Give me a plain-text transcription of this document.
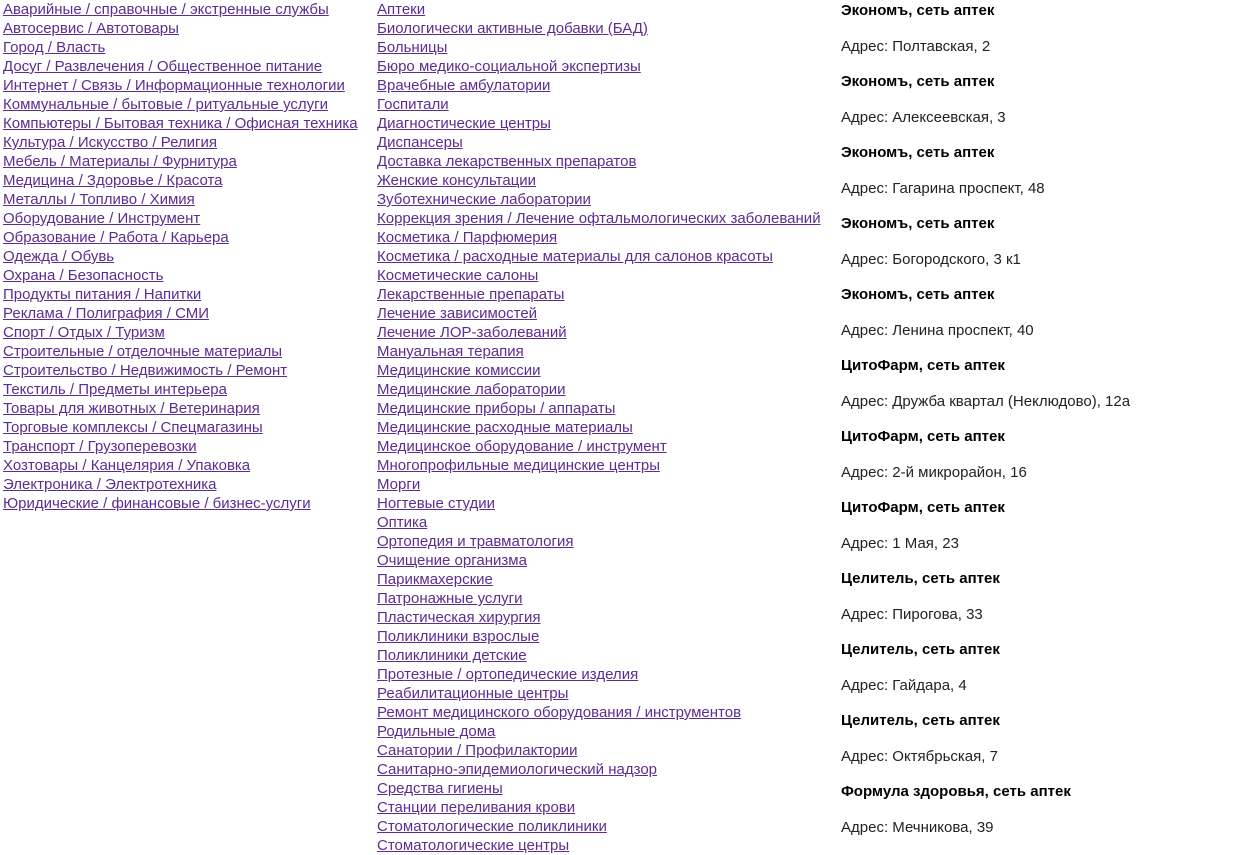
Аварийные / справочные / экстренные службы
Автосервис / Автотовары
Город / Власть
Досуг / Развлечения / Общественное питание
Интернет / Связь / Информационные технологии
Коммунальные / бытовые / ритуальные услуги
Компьютеры / Бытовая техника / Офисная техника
Культура / Искусство / Религия
Мебель / Материалы / Фурнитура
Медицина / Здоровье / Красота
Металлы / Топливо / Химия
Оборудование / Инструмент
Образование / Работа / Карьера
Одежда / Обувь
Охрана / Безопасность
Продукты питания / Напитки
Реклама / Полиграфия / СМИ
Спорт / Отдых / Туризм
Строительные / отделочные материалы
Строительство / Недвижимость / Ремонт
Текстиль / Предметы интерьера
Товары для животных / Ветеринария
Торговые комплексы / Спецмагазины
Транспорт / Грузоперевозки
Хозтовары / Канцелярия / Упаковка
Электроника / Электротехника
Юридические / финансовые / бизнес-услуги
Аптеки
Биологически активные добавки (БАД)
Больницы
Бюро медико-социальной экспертизы
Врачебные амбулатории
Госпитали
Диагностические центры
Диспансеры
Доставка лекарственных препаратов
Женские консультации
Зуботехнические лаборатории
Коррекция зрения / Лечение офтальмологических заболеваний
Косметика / Парфюмерия
Косметика / расходные материалы для салонов красоты
Косметические салоны
Лекарственные препараты
Лечение зависимостей
Лечение ЛОР-заболеваний
Мануальная терапия
Медицинские комиссии
Медицинские лаборатории
Медицинские приборы / аппараты
Медицинские расходные материалы
Медицинское оборудование / инструмент
Многопрофильные медицинские центры
Морги
Ногтевые студии
Оптика
Ортопедия и травматология
Очищение организма
Парикмахерские
Патронажные услуги
Пластическая хирургия
Поликлиники взрослые
Поликлиники детские
Протезные / ортопедические изделия
Реабилитационные центры
Ремонт медицинского оборудования / инструментов
Родильные дома
Санатории / Профилактории
Санитарно-эпидемиологический надзор
Средства гигиены
Станции переливания крови
Стоматологические поликлиники
Стоматологические центры
Экономъ, сеть аптек
Адрес: Полтавская, 2
Экономъ, сеть аптек
Адрес: Алексеевская, 3
Экономъ, сеть аптек
Адрес: Гагарина проспект, 48
Экономъ, сеть аптек
Адрес: Богородского, 3 к1
Экономъ, сеть аптек
Адрес: Ленина проспект, 40
ЦитоФарм, сеть аптек
Адрес: Дружба квартал (Неклюдово), 12а
ЦитоФарм, сеть аптек
Адрес: 2-й микрорайон, 16
ЦитоФарм, сеть аптек
Адрес: 1 Мая, 23
Целитель, сеть аптек
Адрес: Пирогова, 33
Целитель, сеть аптек
Адрес: Гайдара, 4
Целитель, сеть аптек
Адрес: Октябрьская, 7
Формула здоровья, сеть аптек
Адрес: Мечникова, 39
